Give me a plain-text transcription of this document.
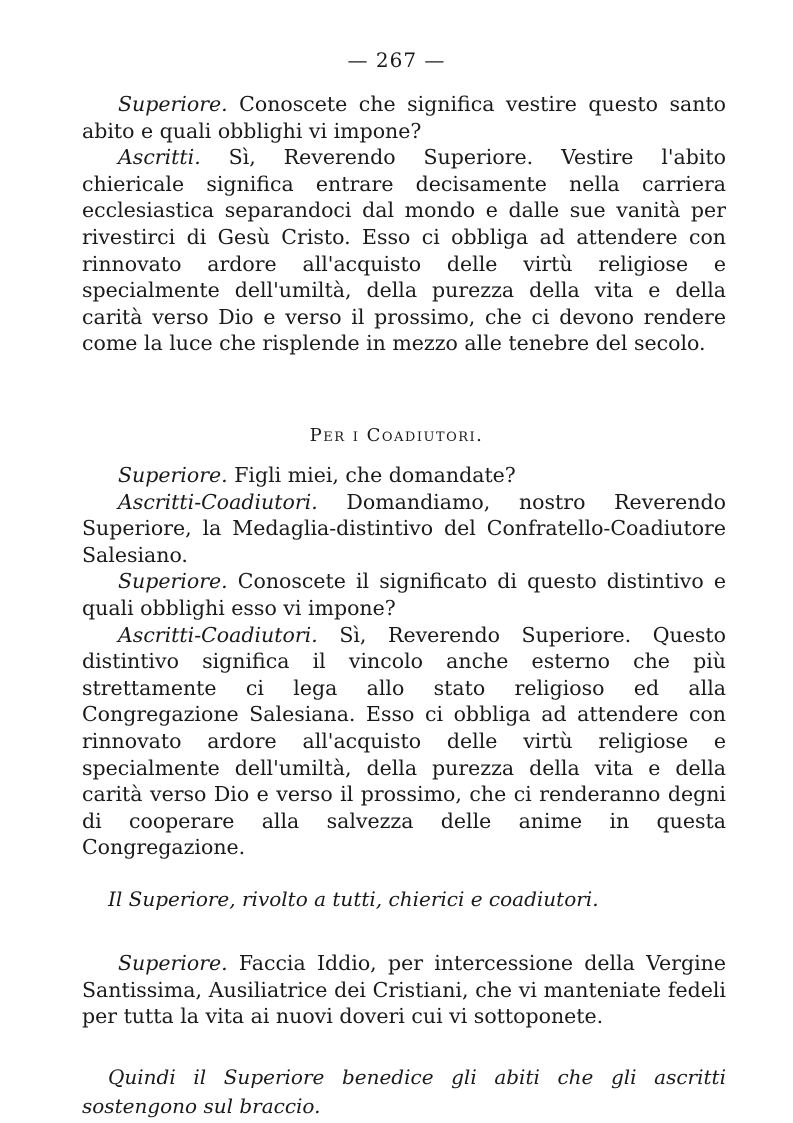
— 267 —

Superiore. Conoscete che significa vestire questo santo abito e quali obblighi vi impone?

Ascritti. Sì, Reverendo Superiore. Vestire l'abito chiericale significa entrare decisamente nella carriera ecclesiastica separandoci dal mondo e dalle sue vanità per rivestirci di Gesù Cristo. Esso ci obbliga ad attendere con rinnovato ardore all'acquisto delle virtù religiose e specialmente dell'umiltà, della purezza della vita e della carità verso Dio e verso il prossimo, che ci devono rendere come la luce che risplende in mezzo alle tenebre del secolo.

Per i Coadiutori.

Superiore. Figli miei, che domandate?

Ascritti-Coadiutori. Domandiamo, nostro Reverendo Superiore, la Medaglia-distintivo del Confratello-Coadiutore Salesiano.

Superiore. Conoscete il significato di questo distintivo e quali obblighi esso vi impone?

Ascritti-Coadiutori. Sì, Reverendo Superiore. Questo distintivo significa il vincolo anche esterno che più strettamente ci lega allo stato religioso ed alla Congregazione Salesiana. Esso ci obbliga ad attendere con rinnovato ardore all'acquisto delle virtù religiose e specialmente dell'umiltà, della purezza della vita e della carità verso Dio e verso il prossimo, che ci renderanno degni di cooperare alla salvezza delle anime in questa Congregazione.

Il Superiore, rivolto a tutti, chierici e coadiutori.

Superiore. Faccia Iddio, per intercessione della Vergine Santissima, Ausiliatrice dei Cristiani, che vi manteniate fedeli per tutta la vita ai nuovi doveri cui vi sottoponete.

Quindi il Superiore benedice gli abiti che gli ascritti sostengono sul braccio.
